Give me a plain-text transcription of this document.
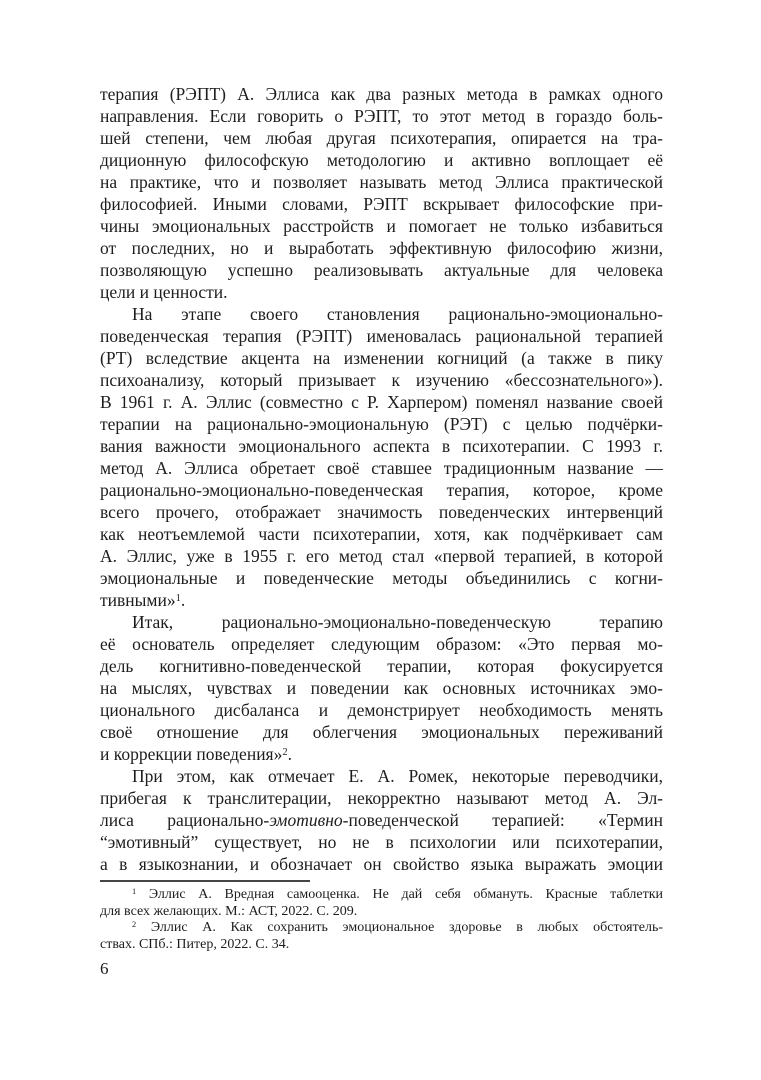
терапия (РЭПТ) А. Эллиса как два разных метода в рамках одного
направления. Если говорить о РЭПТ, то этот метод в гораздо боль-
шей степени, чем любая другая психотерапия, опирается на тра-
диционную философскую методологию и активно воплощает её
на практике, что и позволяет называть метод Эллиса практической
философией. Иными словами, РЭПТ вскрывает философские при-
чины эмоциональных расстройств и помогает не только избавиться
от последних, но и выработать эффективную философию жизни,
позволяющую успешно реализовывать актуальные для человека
цели и ценности.
На этапе своего становления рационально-эмоционально-
поведенческая терапия (РЭПТ) именовалась рациональной терапией
(РТ) вследствие акцента на изменении когниций (а также в пику
психоанализу, который призывает к изучению «бессознательного»).
В 1961 г. А. Эллис (совместно с Р. Харпером) поменял название своей
терапии на рационально-эмоциональную (РЭТ) с целью подчёрки-
вания важности эмоционального аспекта в психотерапии. С 1993 г.
метод А. Эллиса обретает своё ставшее традиционным название —
рационально-эмоционально-поведенческая терапия, которое, кроме
всего прочего, отображает значимость поведенческих интервенций
как неотъемлемой части психотерапии, хотя, как подчёркивает сам
А. Эллис, уже в 1955 г. его метод стал «первой терапией, в которой
эмоциональные и поведенческие методы объединились с когни-
тивными»$^1$.
Итак, рационально-эмоционально-поведенческую терапию
её основатель определяет следующим образом: «Это первая мо-
дель когнитивно-поведенческой терапии, которая фокусируется
на мыслях, чувствах и поведении как основных источниках эмо-
ционального дисбаланса и демонстрирует необходимость менять
своё отношение для облегчения эмоциональных переживаний
и коррекции поведения»$^2$.
При этом, как отмечает Е. А. Ромек, некоторые переводчики,
прибегая к транслитерации, некорректно называют метод А. Эл-
лиса рационально-эмотивно-поведенческой терапией: «Термин
“эмотивный” существует, но не в психологии или психотерапии,
а в языкознании, и обозначает он свойство языка выражать эмоции
$^1$ Эллис А. Вредная самооценка. Не дай себя обмануть. Красные таблетки
для всех желающих. М.: АСТ, 2022. С. 209.
$^2$ Эллис А. Как сохранить эмоциональное здоровье в любых обстоятель-
ствах. СПб.: Питер, 2022. С. 34.
6
